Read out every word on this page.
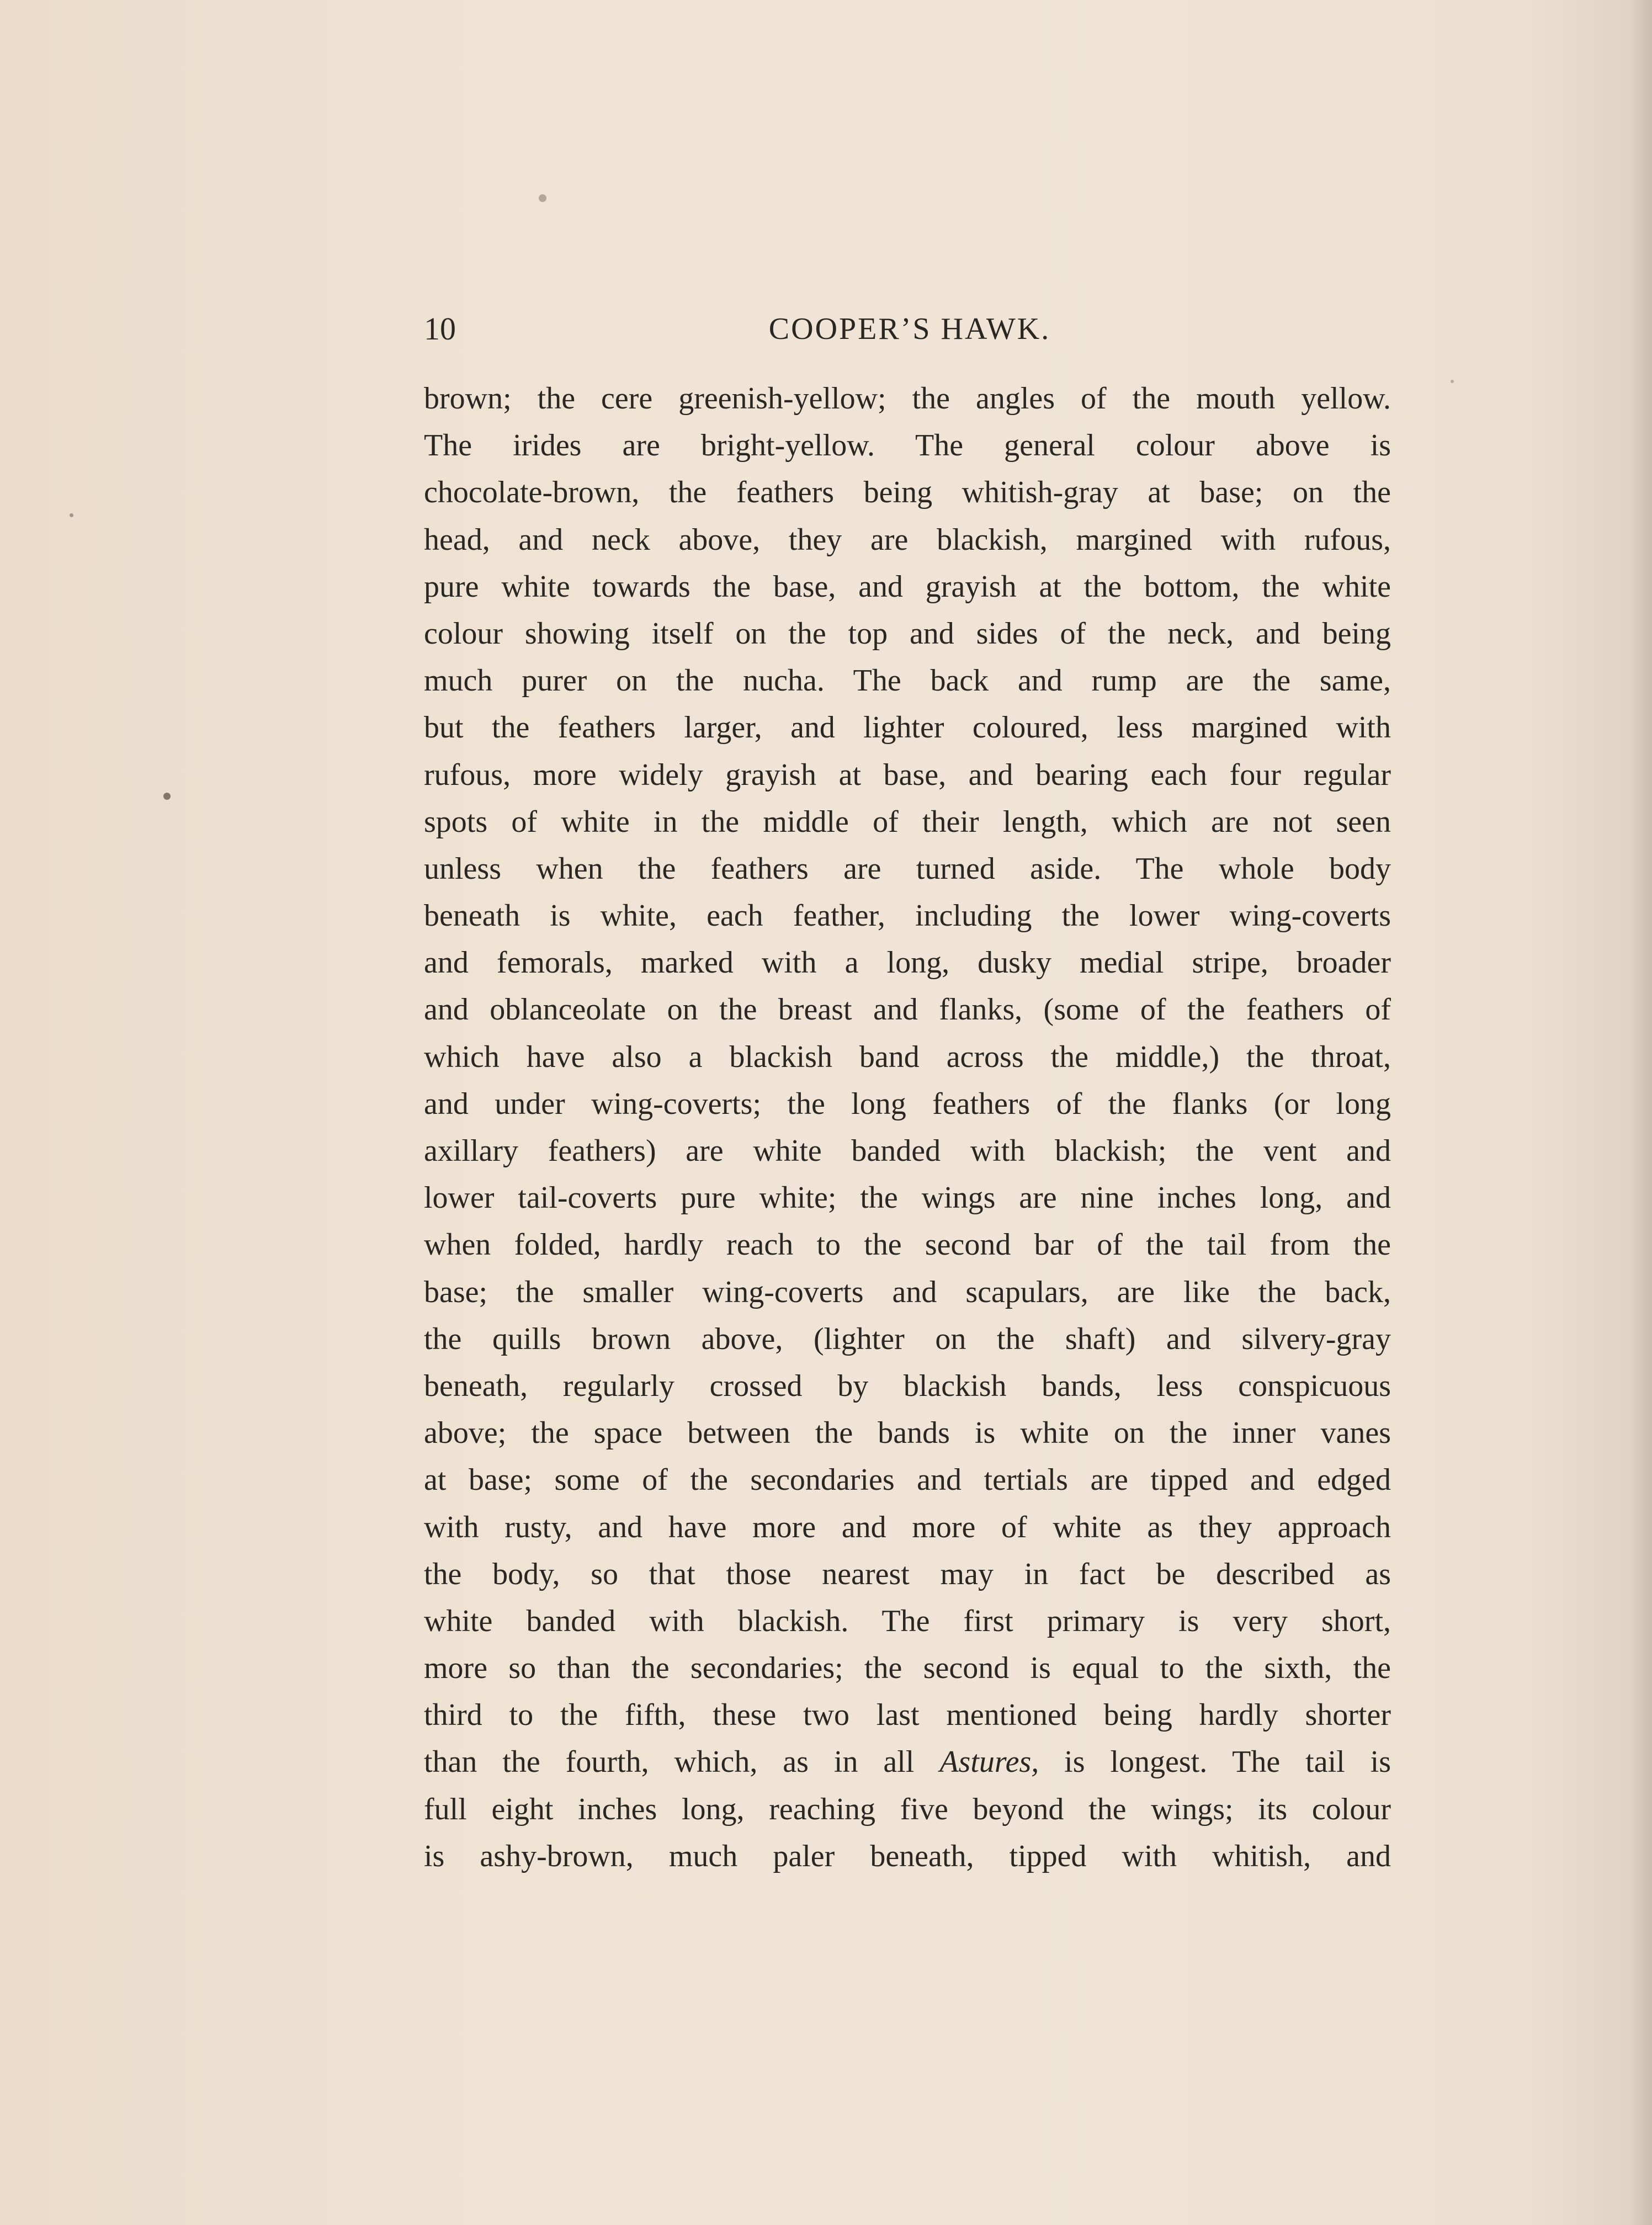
10	COOPER’S HAWK.
brown; the cere greenish-yellow; the angles of the mouth yellow.
The irides are bright-yellow. The general colour above is
chocolate-brown, the feathers being whitish-gray at base; on the
head, and neck above, they are blackish, margined with rufous,
pure white towards the base, and grayish at the bottom, the white
colour showing itself on the top and sides of the neck, and being
much purer on the nucha. The back and rump are the same,
but the feathers larger, and lighter coloured, less margined with
rufous, more widely grayish at base, and bearing each four regular
spots of white in the middle of their length, which are not seen
unless when the feathers are turned aside. The whole body
beneath is white, each feather, including the lower wing-coverts
and femorals, marked with a long, dusky medial stripe, broader
and oblanceolate on the breast and flanks, (some of the feathers of
which have also a blackish band across the middle,) the throat,
and under wing-coverts; the long feathers of the flanks (or long
axillary feathers) are white banded with blackish; the vent and
lower tail-coverts pure white; the wings are nine inches long, and
when folded, hardly reach to the second bar of the tail from the
base; the smaller wing-coverts and scapulars, are like the back,
the quills brown above, (lighter on the shaft) and silvery-gray
beneath, regularly crossed by blackish bands, less conspicuous
above; the space between the bands is white on the inner vanes
at base; some of the secondaries and tertials are tipped and edged
with rusty, and have more and more of white as they approach
the body, so that those nearest may in fact be described as
white banded with blackish. The first primary is very short,
more so than the secondaries; the second is equal to the sixth, the
third to the fifth, these two last mentioned being hardly shorter
than the fourth, which, as in all Astures, is longest. The tail is
full eight inches long, reaching five beyond the wings; its colour
is ashy-brown, much paler beneath, tipped with whitish, and
